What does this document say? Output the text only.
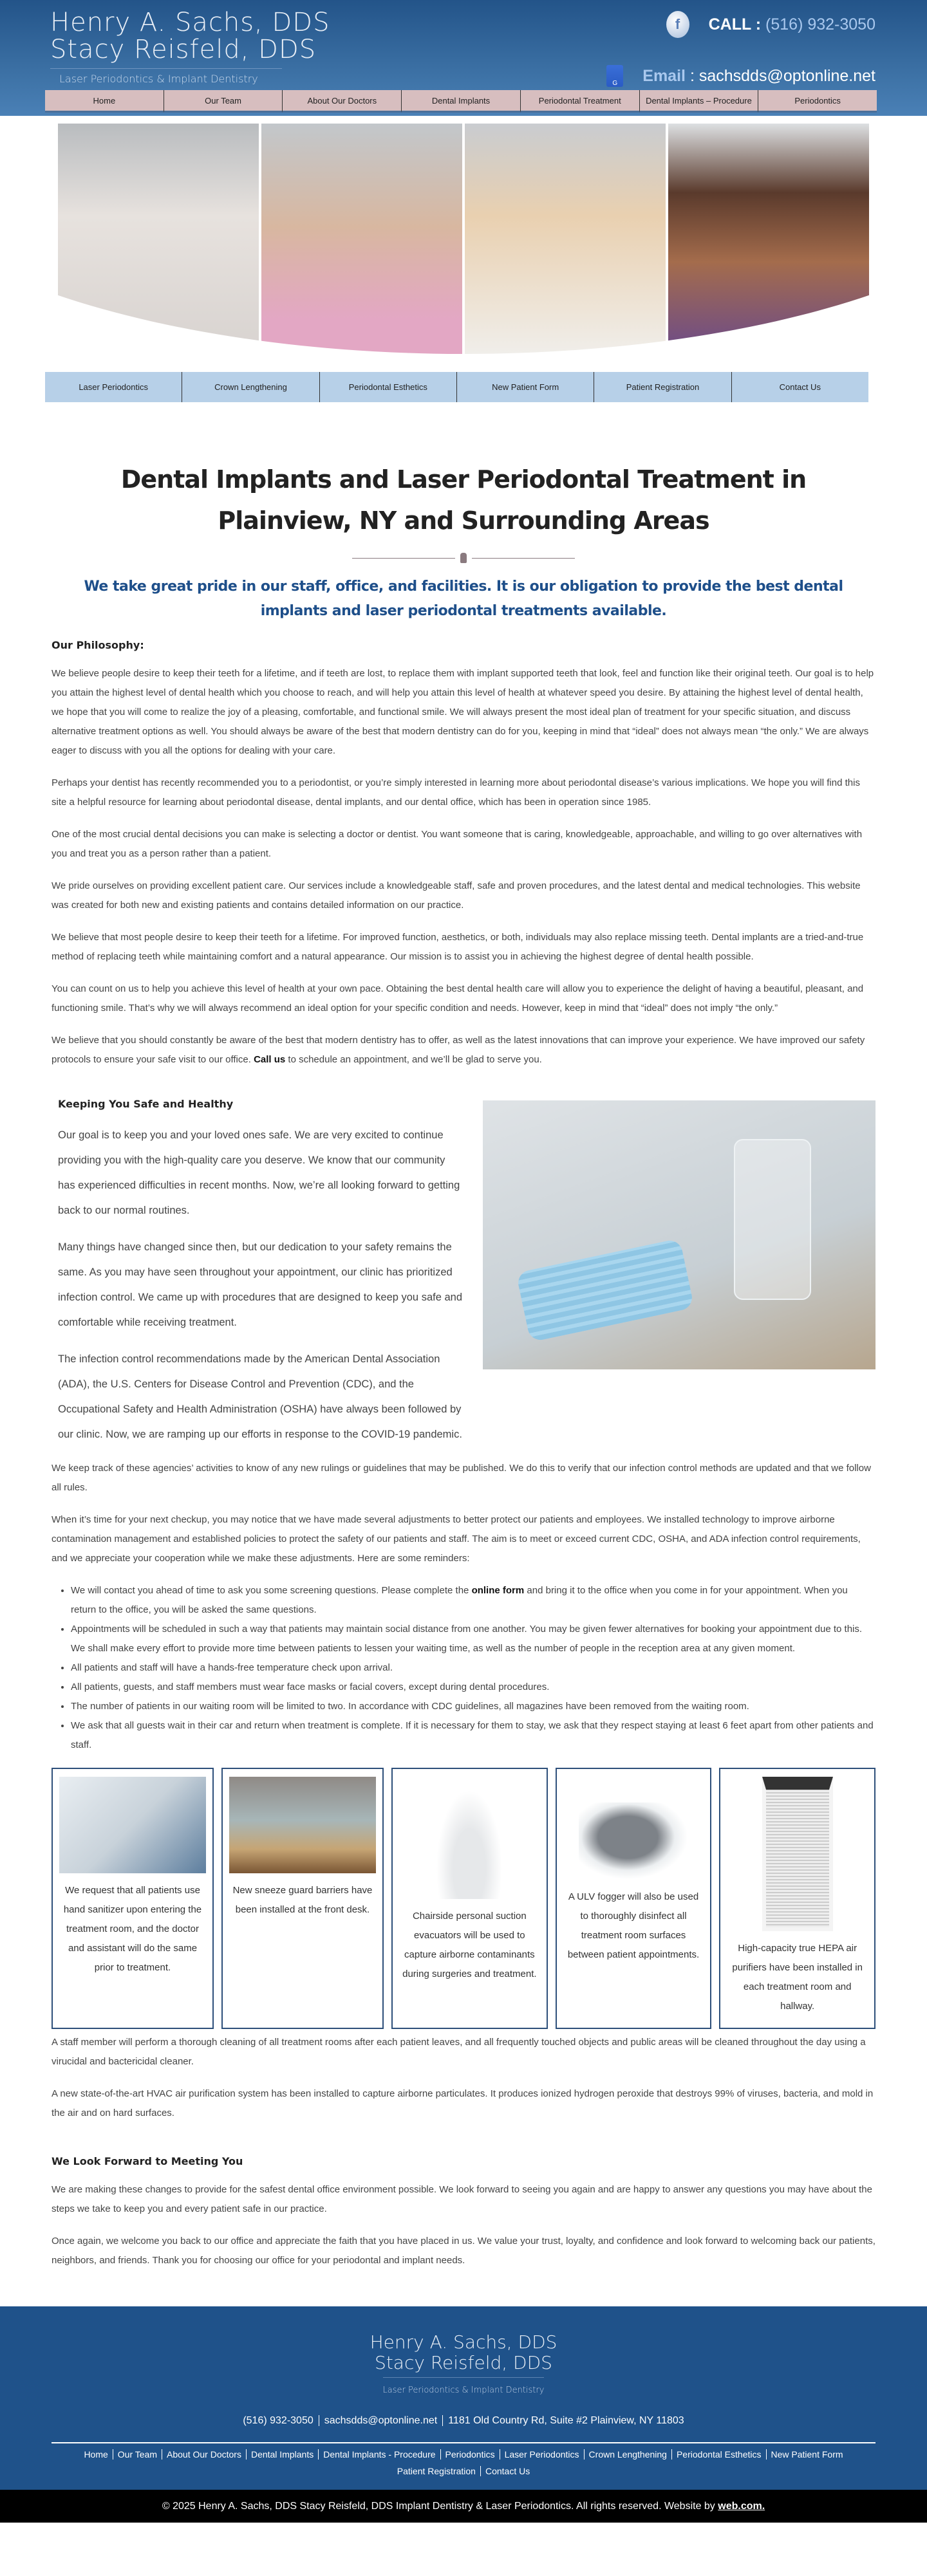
Henry A. Sachs, DDS
Stacy Reisfeld, DDS
Laser Periodontics & Implant Dentistry
f	CALL : (516) 932-3050
G	Email : sachsdds@optonline.net
Home	Our Team	About Our Doctors	Dental Implants	Periodontal Treatment	Dental Implants – Procedure	Periodontics
Laser Periodontics	Crown Lengthening	Periodontal Esthetics	New Patient Form	Patient Registration	Contact Us
Dental Implants and Laser Periodontal Treatment in Plainview, NY and Surrounding Areas
We take great pride in our staff, office, and facilities. It is our obligation to provide the best dental implants and laser periodontal treatments available.
Our Philosophy:

We believe people desire to keep their teeth for a lifetime, and if teeth are lost, to replace them with implant supported teeth that look, feel and function like their original teeth. Our goal is to help you attain the highest level of dental health which you choose to reach, and will help you attain this level of health at whatever speed you desire. By attaining the highest level of dental health, we hope that you will come to realize the joy of a pleasing, comfortable, and functional smile. We will always present the most ideal plan of treatment for your specific situation, and discuss alternative treatment options as well. You should always be aware of the best that modern dentistry can do for you, keeping in mind that “ideal” does not always mean “the only.” We are always eager to discuss with you all the options for dealing with your care.

Perhaps your dentist has recently recommended you to a periodontist, or you’re simply interested in learning more about periodontal disease’s various implications. We hope you will find this site a helpful resource for learning about periodontal disease, dental implants, and our dental office, which has been in operation since 1985.

One of the most crucial dental decisions you can make is selecting a doctor or dentist. You want someone that is caring, knowledgeable, approachable, and willing to go over alternatives with you and treat you as a person rather than a patient.

We pride ourselves on providing excellent patient care. Our services include a knowledgeable staff, safe and proven procedures, and the latest dental and medical technologies. This website was created for both new and existing patients and contains detailed information on our practice.

We believe that most people desire to keep their teeth for a lifetime. For improved function, aesthetics, or both, individuals may also replace missing teeth. Dental implants are a tried-and-true method of replacing teeth while maintaining comfort and a natural appearance. Our mission is to assist you in achieving the highest degree of dental health possible.

You can count on us to help you achieve this level of health at your own pace. Obtaining the best dental health care will allow you to experience the delight of having a beautiful, pleasant, and functioning smile. That’s why we will always recommend an ideal option for your specific condition and needs. However, keep in mind that “ideal” does not imply “the only.”

We believe that you should constantly be aware of the best that modern dentistry has to offer, as well as the latest innovations that can improve your experience. We have improved our safety protocols to ensure your safe visit to our office. Call us to schedule an appointment, and we’ll be glad to serve you.

Keeping You Safe and Healthy

Our goal is to keep you and your loved ones safe. We are very excited to continue providing you with the high-quality care you deserve. We know that our community has experienced difficulties in recent months. Now, we’re all looking forward to getting back to our normal routines.

Many things have changed since then, but our dedication to your safety remains the same. As you may have seen throughout your appointment, our clinic has prioritized infection control. We came up with procedures that are designed to keep you safe and comfortable while receiving treatment.

The infection control recommendations made by the American Dental Association (ADA), the U.S. Centers for Disease Control and Prevention (CDC), and the Occupational Safety and Health Administration (OSHA) have always been followed by our clinic. Now, we are ramping up our efforts in response to the COVID-19 pandemic.

We keep track of these agencies’ activities to know of any new rulings or guidelines that may be published. We do this to verify that our infection control methods are updated and that we follow all rules.

When it’s time for your next checkup, you may notice that we have made several adjustments to better protect our patients and employees. We installed technology to improve airborne contamination management and established policies to protect the safety of our patients and staff. The aim is to meet or exceed current CDC, OSHA, and ADA infection control requirements, and we appreciate your cooperation while we make these adjustments. Here are some reminders:

• We will contact you ahead of time to ask you some screening questions. Please complete the online form and bring it to the office when you come in for your appointment. When you return to the office, you will be asked the same questions.
• Appointments will be scheduled in such a way that patients may maintain social distance from one another. You may be given fewer alternatives for booking your appointment due to this. We shall make every effort to provide more time between patients to lessen your waiting time, as well as the number of people in the reception area at any given moment.
• All patients and staff will have a hands-free temperature check upon arrival.
• All patients, guests, and staff members must wear face masks or facial covers, except during dental procedures.
• The number of patients in our waiting room will be limited to two. In accordance with CDC guidelines, all magazines have been removed from the waiting room.
• We ask that all guests wait in their car and return when treatment is complete. If it is necessary for them to stay, we ask that they respect staying at least 6 feet apart from other patients and staff.
We request that all patients use hand sanitizer upon entering the treatment room, and the doctor and assistant will do the same prior to treatment.
New sneeze guard barriers have been installed at the front desk.
Chairside personal suction evacuators will be used to capture airborne contaminants during surgeries and treatment.
A ULV fogger will also be used to thoroughly disinfect all treatment room surfaces between patient appointments.
High-capacity true HEPA air purifiers have been installed in each treatment room and hallway.

A staff member will perform a thorough cleaning of all treatment rooms after each patient leaves, and all frequently touched objects and public areas will be cleaned throughout the day using a virucidal and bactericidal cleaner.

A new state-of-the-art HVAC air purification system has been installed to capture airborne particulates. It produces ionized hydrogen peroxide that destroys 99% of viruses, bacteria, and mold in the air and on hard surfaces.

We Look Forward to Meeting You

We are making these changes to provide for the safest dental office environment possible. We look forward to seeing you again and are happy to answer any questions you may have about the steps we take to keep you and every patient safe in our practice.

Once again, we welcome you back to our office and appreciate the faith that you have placed in us. We value your trust, loyalty, and confidence and look forward to welcoming back our patients, neighbors, and friends. Thank you for choosing our office for your periodontal and implant needs.

Henry A. Sachs, DDS
Stacy Reisfeld, DDS
Laser Periodontics & Implant Dentistry
(516) 932-3050 sachsdds@optonline.net 1181 Old Country Rd, Suite #2 Plainview, NY 11803
Home Our Team About Our Doctors Dental Implants Dental Implants - Procedure Periodontics Laser Periodontics Crown Lengthening Periodontal Esthetics New Patient Form
Patient Registration Contact Us
© 2025 Henry A. Sachs, DDS Stacy Reisfeld, DDS Implant Dentistry & Laser Periodontics. All rights reserved. Website by web.com.
